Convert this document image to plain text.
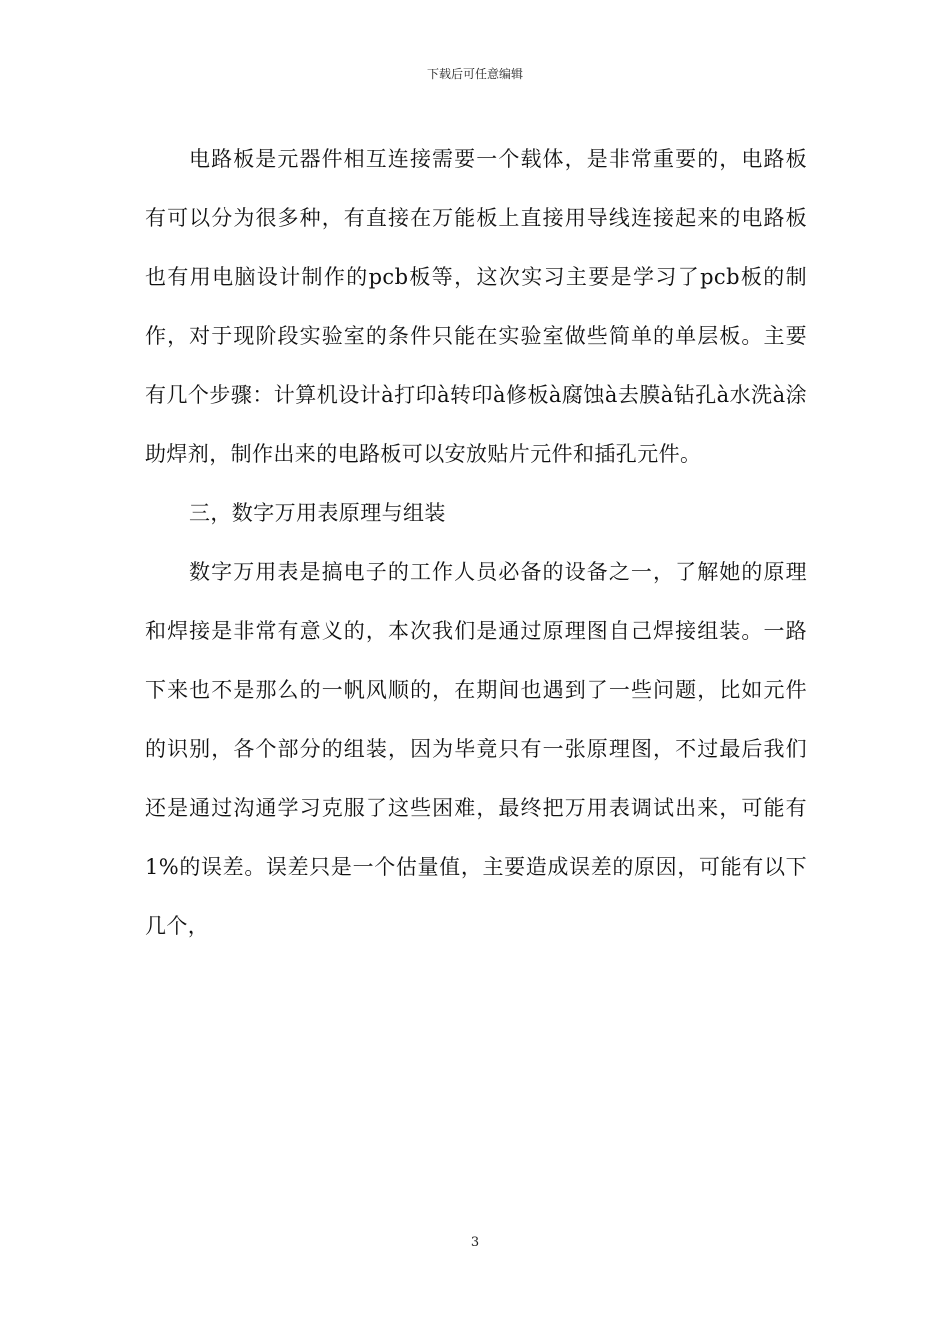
下载后可任意编辑

电路板是元器件相互连接需要一个载体，是非常重要的，电路板有可以分为很多种，有直接在万能板上直接用导线连接起来的电路板也有用电脑设计制作的pcb板等，这次实习主要是学习了pcb板的制作，对于现阶段实验室的条件只能在实验室做些简单的单层板。主要有几个步骤：计算机设计à打印à转印à修板à腐蚀à去膜à钻孔à水洗à涂助焊剂，制作出来的电路板可以安放贴片元件和插孔元件。

三，数字万用表原理与组装

数字万用表是搞电子的工作人员必备的设备之一，了解她的原理和焊接是非常有意义的，本次我们是通过原理图自己焊接组装。一路下来也不是那么的一帆风顺的，在期间也遇到了一些问题，比如元件的识别，各个部分的组装，因为毕竟只有一张原理图，不过最后我们还是通过沟通学习克服了这些困难，最终把万用表调试出来，可能有1%的误差。误差只是一个估量值，主要造成误差的原因，可能有以下几个，

3
